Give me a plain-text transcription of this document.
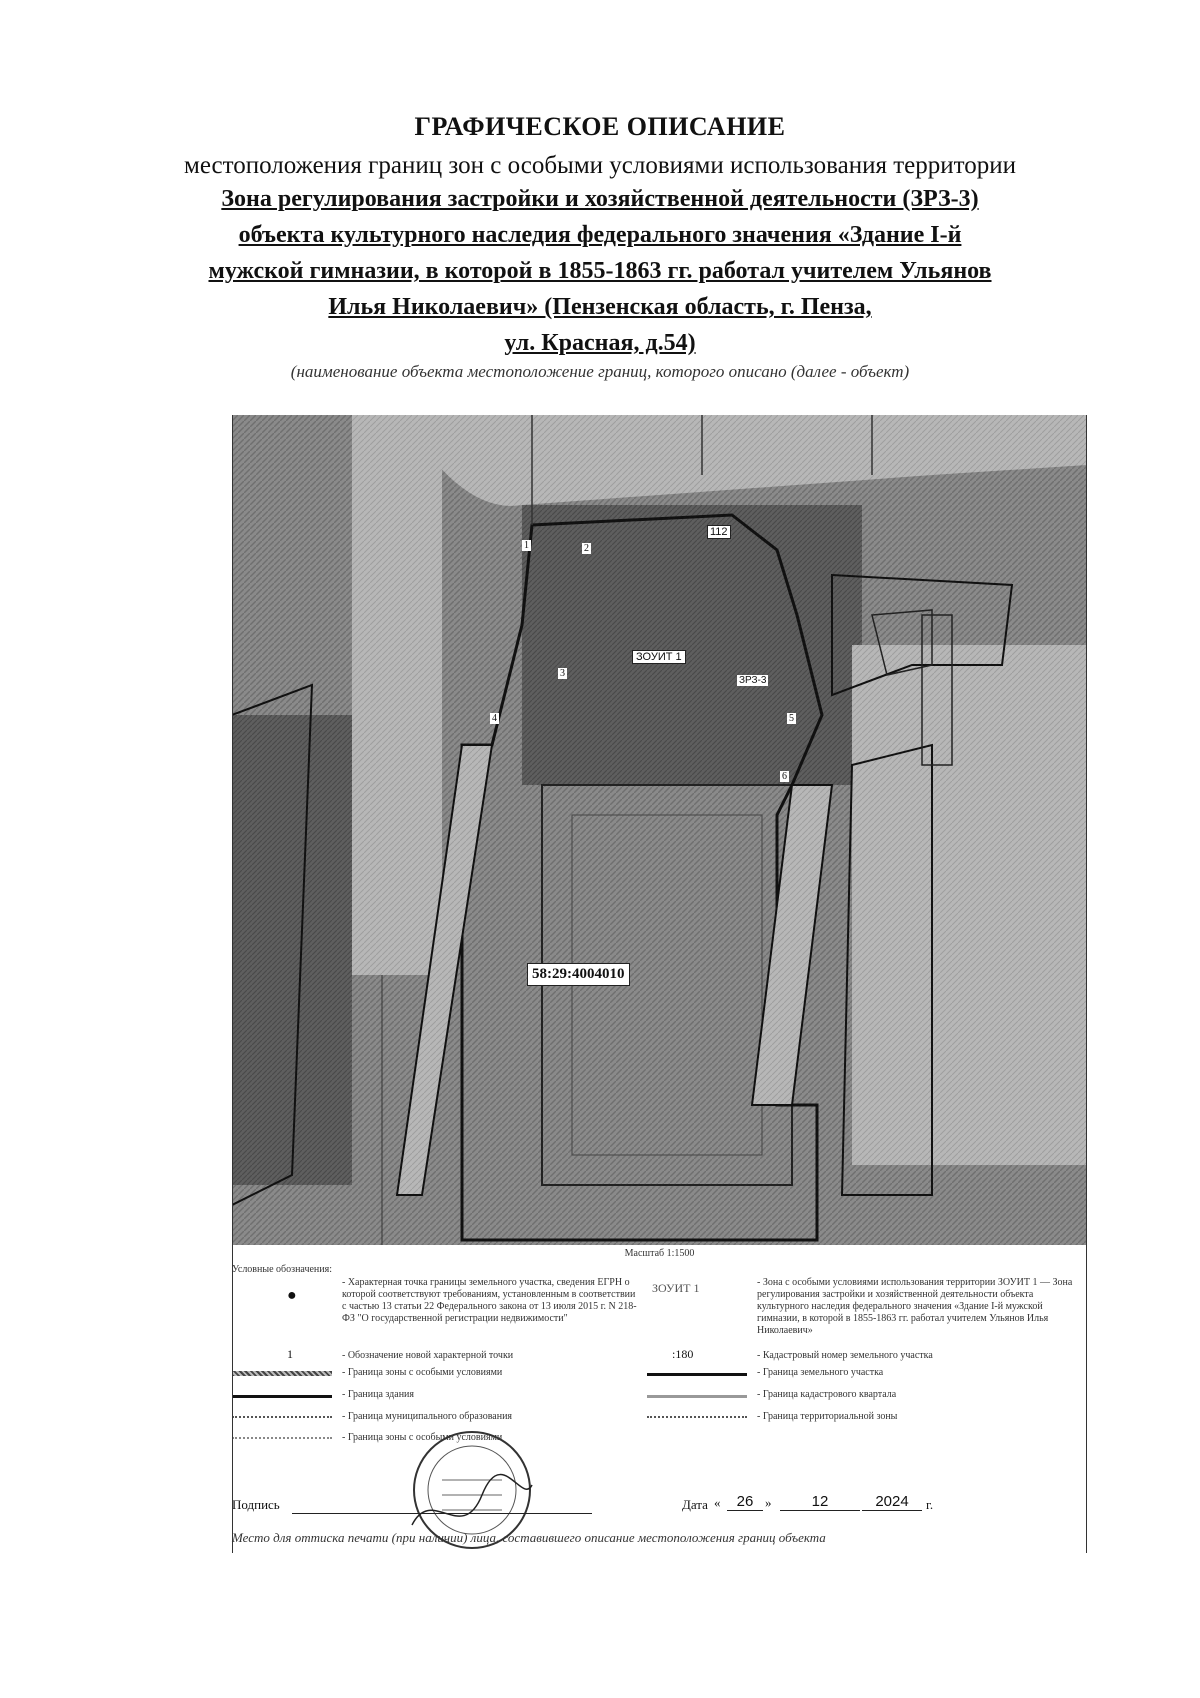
ГРАФИЧЕСКОЕ ОПИСАНИЕ
местоположения границ зон с особыми условиями использования территории
Зона регулирования застройки и хозяйственной деятельности (ЗРЗ-3)
объекта культурного наследия федерального значения «Здание I-й
мужской гимназии, в которой в 1855-1863 гг. работал учителем Ульянов
Илья Николаевич» (Пензенская область, г. Пенза,
ул. Красная, д.54)
(наименование объекта местоположение границ, которого описано (далее - объект)
ЗОУИТ 1
ЗРЗ-3
112
58:29:4004010
1	2
3
4	5
6
Масштаб 1:1500
Условные обозначения:
●
- Характерная точка границы земельного участка, сведения ЕГРН о которой соответствуют требованиям, установленным в соответствии с частью 13 статьи 22 Федерального закона от 13 июля 2015 г. N 218-ФЗ "О государственной регистрации недвижимости"
1	- Обозначение новой характерной точки
- Граница зоны с особыми условиями
- Граница здания
- Граница муниципального образования
- Граница зоны с особыми условиями
ЗОУИТ 1	- Зона с особыми условиями использования территории ЗОУИТ 1 — Зона регулирования застройки и хозяйственной деятельности объекта культурного наследия федерального значения «Здание I-й мужской гимназии, в которой в 1855-1863 гг. работал учителем Ульянов Илья Николаевич»
:180	- Кадастровый номер земельного участка
- Граница земельного участка
- Граница кадастрового квартала
- Граница территориальной зоны
Подпись	Дата «	26 »	12	2024	г.
Место для оттиска печати (при наличии) лица, составившего описание местоположения границ объекта
